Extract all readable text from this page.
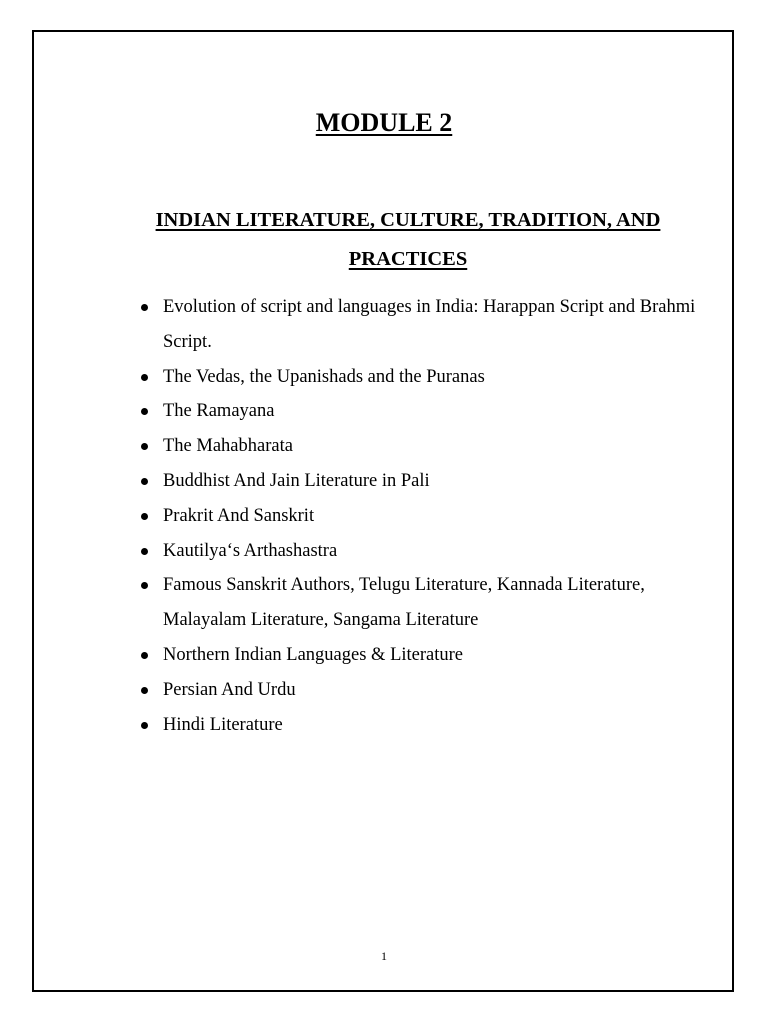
MODULE 2
INDIAN LITERATURE, CULTURE, TRADITION, AND
PRACTICES
Evolution of script and languages in India: Harappan Script and Brahmi Script.
The Vedas, the Upanishads and the Puranas
The Ramayana
The Mahabharata
Buddhist And Jain Literature in Pali
Prakrit And Sanskrit
Kautilya‘s Arthashastra
Famous Sanskrit Authors, Telugu Literature, Kannada Literature, Malayalam Literature, Sangama Literature
Northern Indian Languages & Literature
Persian And Urdu
Hindi Literature
1
